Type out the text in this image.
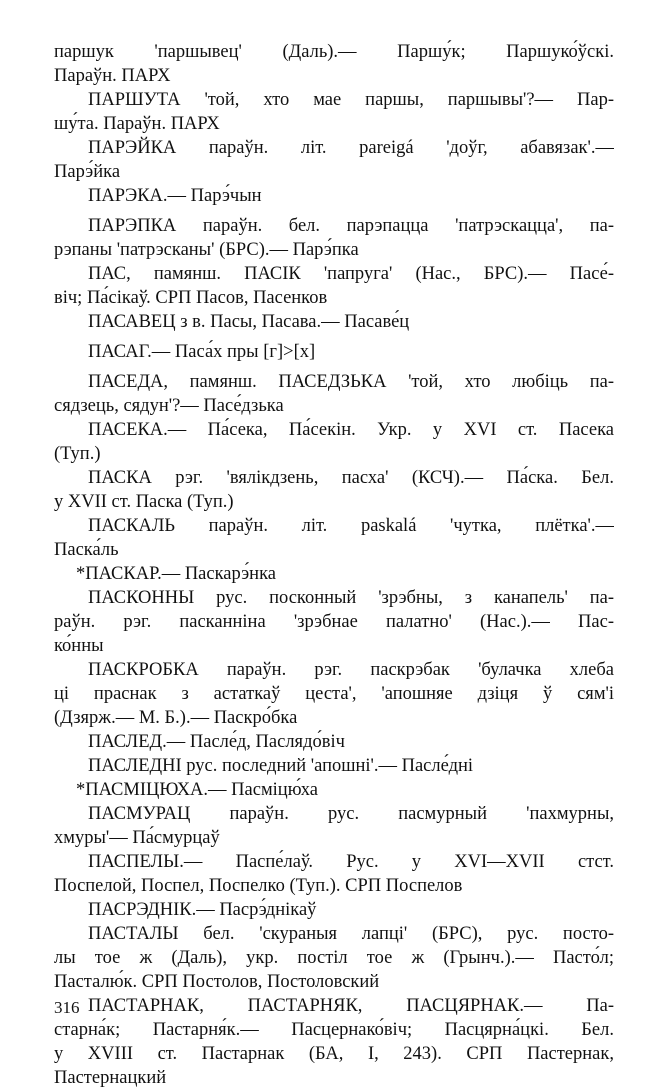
паршук 'паршывец' (Даль).— Паршу́к; Паршуко́ўскі.
Параўн. ПАРХ
ПАРШУТА 'той, хто мае паршы, паршывы'?— Пар-
шу́та. Параўн. ПАРХ
ПАРЭЙКА параўн. літ. pareigá 'доўг, абавязак'.—
Парэ́йка
ПАРЭКА.— Парэ́чын
ПАРЭПКА параўн. бел. парэпацца 'патрэскацца', па-
рэпаны 'патрэсканы' (БРС).— Парэ́пка
ПАС, памянш. ПАСІК 'папруга' (Нас., БРС).— Пасе́-
віч; Па́сікаў. СРП Пасов, Пасенков
ПАСАВЕЦ з в. Пасы, Пасава.— Пасаве́ц
ПАСАГ.— Паса́х пры [г]>[х]
ПАСЕДА, памянш. ПАСЕДЗЬКА 'той, хто любіць па-
сядзець, сядун'?— Пасе́дзька
ПАСЕКА.— Па́сека, Па́секін. Укр. у XVI ст. Пасека
(Туп.)
ПАСКА рэг. 'вялікдзень, пасха' (КСЧ).— Па́ска. Бел.
у XVII ст. Паска (Туп.)
ПАСКАЛЬ параўн. літ. paskalá 'чутка, плётка'.—
Паска́ль
*ПАСКАР.— Паскарэ́нка
ПАСКОННЫ рус. посконный 'зрэбны, з канапель' па-
раўн. рэг. пасканніна 'зрэбнае палатно' (Нас.).— Пас-
ко́нны
ПАСКРОБКА параўн. рэг. паскрэбак 'булачка хлеба
ці праснак з астаткаў цеста', 'апошняе дзіця ў сям'і
(Дзярж.— М. Б.).— Паскро́бка
ПАСЛЕД.— Пасле́д, Паслядо́віч
ПАСЛЕДНІ рус. последний 'апошні'.— Пасле́дні
*ПАСМІЦЮХА.— Пасміцю́ха
ПАСМУРАЦ параўн. рус. пасмурный 'пахмурны,
хмуры'— Па́смурцаў
ПАСПЕЛЫ.— Паспе́лаў. Рус. у XVI—XVII стст.
Поспелой, Поспел, Поспелко (Туп.). СРП Поспелов
ПАСРЭДНІК.— Пасрэ́днікаў
ПАСТАЛЫ бел. 'скураныя лапці' (БРС), рус. посто-
лы тое ж (Даль), укр. постіл тое ж (Грынч.).— Пасто́л;
Пасталю́к. СРП Постолов, Постоловский
ПАСТАРНАК, ПАСТАРНЯК, ПАСЦЯРНАК.— Па-
старна́к; Пастарня́к.— Пасцернако́віч; Пасцярна́цкі. Бел.
у XVIII ст. Пастарнак (БА, І, 243). СРП Пастернак,
Пастернацкий
316
